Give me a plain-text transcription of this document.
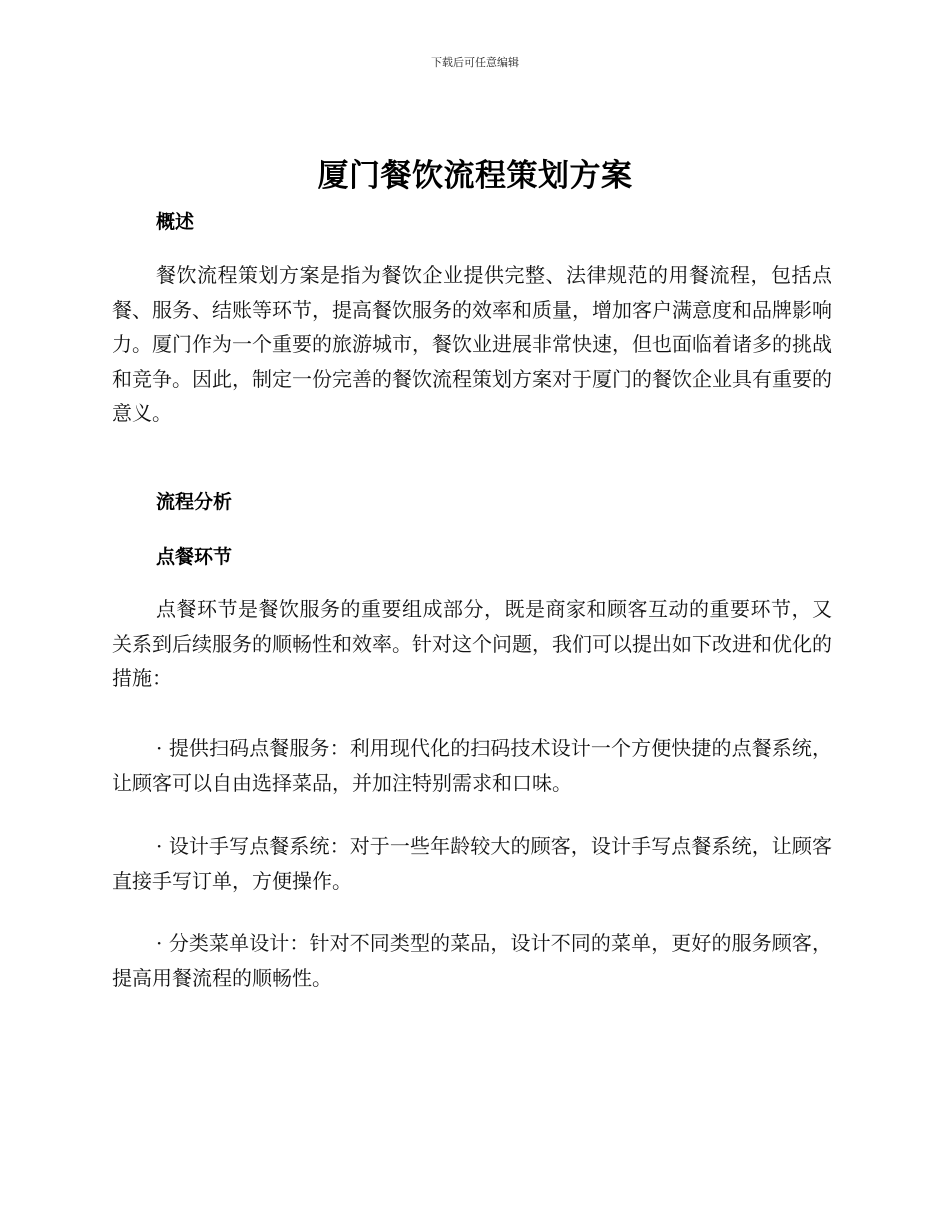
下载后可任意编辑
厦门餐饮流程策划方案
概述
餐饮流程策划方案是指为餐饮企业提供完整、法律规范的用餐流程，包括点餐、服务、结账等环节，提高餐饮服务的效率和质量，增加客户满意度和品牌影响力。厦门作为一个重要的旅游城市，餐饮业进展非常快速，但也面临着诸多的挑战和竞争。因此，制定一份完善的餐饮流程策划方案对于厦门的餐饮企业具有重要的意义。
流程分析
点餐环节
点餐环节是餐饮服务的重要组成部分，既是商家和顾客互动的重要环节，又关系到后续服务的顺畅性和效率。针对这个问题，我们可以提出如下改进和优化的措施：
· 提供扫码点餐服务：利用现代化的扫码技术设计一个方便快捷的点餐系统，让顾客可以自由选择菜品，并加注特别需求和口味。
· 设计手写点餐系统：对于一些年龄较大的顾客，设计手写点餐系统，让顾客直接手写订单，方便操作。
· 分类菜单设计：针对不同类型的菜品，设计不同的菜单，更好的服务顾客，提高用餐流程的顺畅性。
